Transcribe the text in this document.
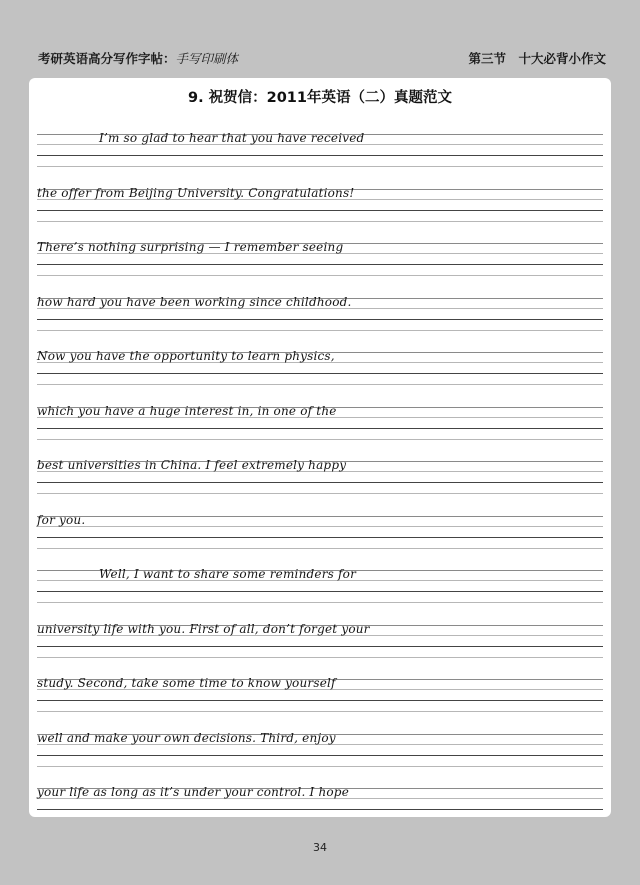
考研英语高分写作字帖：手写印刷体	第三节　十大必背小作文
9. 祝贺信：2011年英语（二）真题范文
I’m so glad to hear that you have received
the offer from Beijing University. Congratulations!
There’s nothing surprising — I remember seeing
how hard you have been working since childhood.
Now you have the opportunity to learn physics,
which you have a huge interest in, in one of the
best universities in China. I feel extremely happy
for you.
Well, I want to share some reminders for
university life with you. First of all, don’t forget your
study. Second, take some time to know yourself
well and make your own decisions. Third, enjoy
your life as long as it’s under your control. I hope
34
